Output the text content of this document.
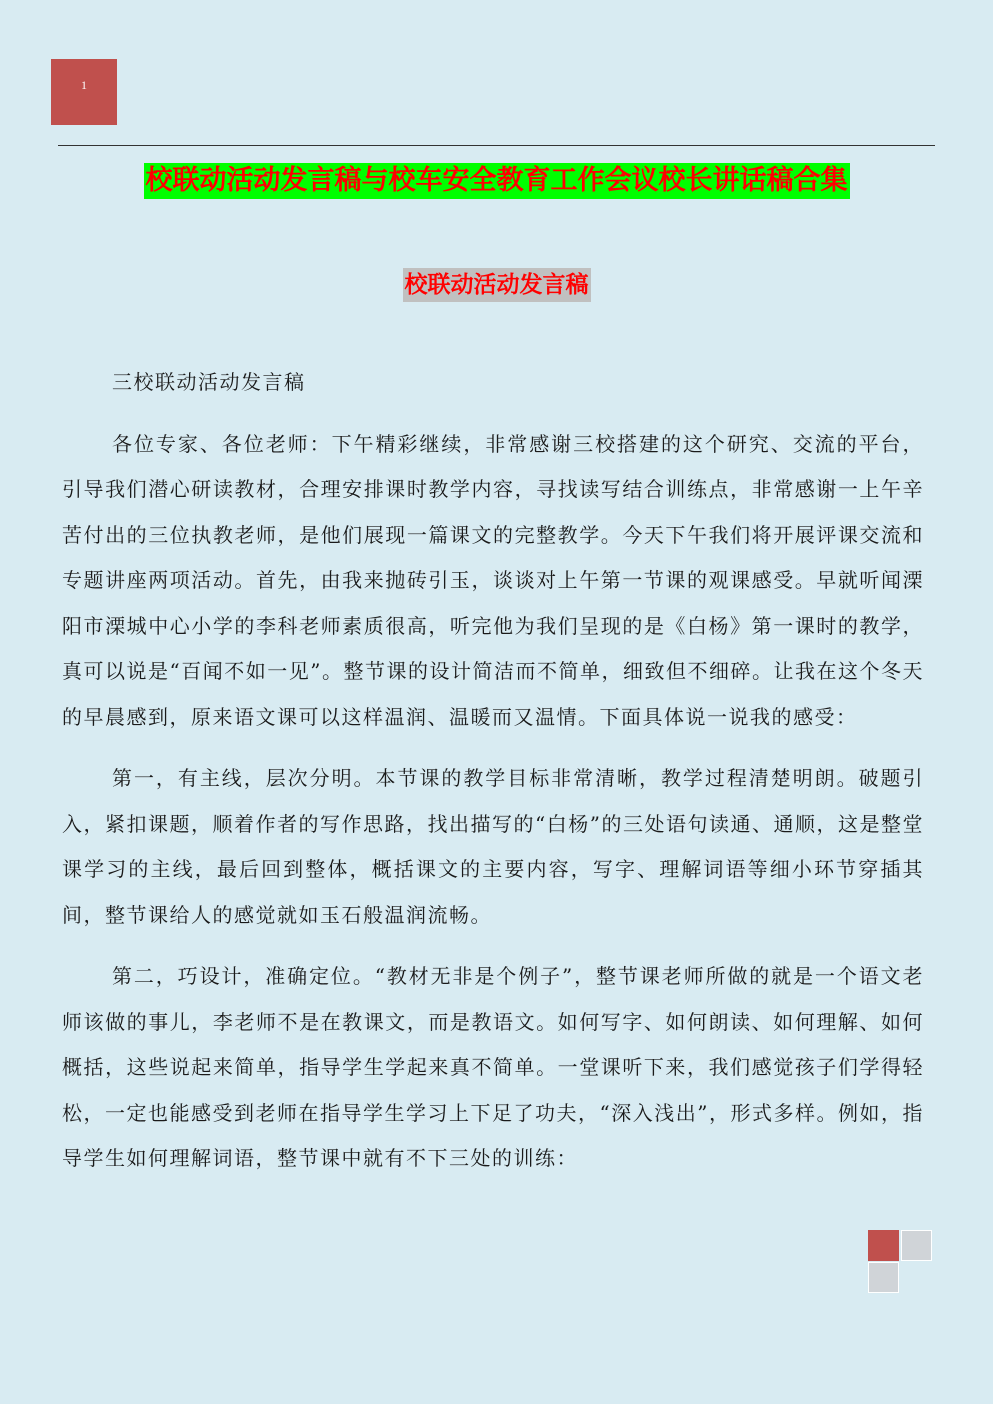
1
校联动活动发言稿与校车安全教育工作会议校长讲话稿合集
校联动活动发言稿

三校联动活动发言稿

各位专家、各位老师：下午精彩继续，非常感谢三校搭建的这个研究、交流的平台，引导我们潜心研读教材，合理安排课时教学内容，寻找读写结合训练点，非常感谢一上午辛苦付出的三位执教老师，是他们展现一篇课文的完整教学。今天下午我们将开展评课交流和专题讲座两项活动。首先，由我来抛砖引玉，谈谈对上午第一节课的观课感受。早就听闻溧阳市溧城中心小学的李科老师素质很高，听完他为我们呈现的是《白杨》第一课时的教学，真可以说是“百闻不如一见”。整节课的设计简洁而不简单，细致但不细碎。让我在这个冬天的早晨感到，原来语文课可以这样温润、温暖而又温情。下面具体说一说我的感受：

第一，有主线，层次分明。本节课的教学目标非常清晰，教学过程清楚明朗。破题引入，紧扣课题，顺着作者的写作思路，找出描写的“白杨”的三处语句读通、通顺，这是整堂课学习的主线，最后回到整体，概括课文的主要内容，写字、理解词语等细小环节穿插其间，整节课给人的感觉就如玉石般温润流畅。

第二，巧设计，准确定位。“教材无非是个例子”，整节课老师所做的就是一个语文老师该做的事儿，李老师不是在教课文，而是教语文。如何写字、如何朗读、如何理解、如何概括，这些说起来简单，指导学生学起来真不简单。一堂课听下来，我们感觉孩子们学得轻松，一定也能感受到老师在指导学生学习上下足了功夫，“深入浅出”，形式多样。例如，指导学生如何理解词语，整节课中就有不下三处的训练：
